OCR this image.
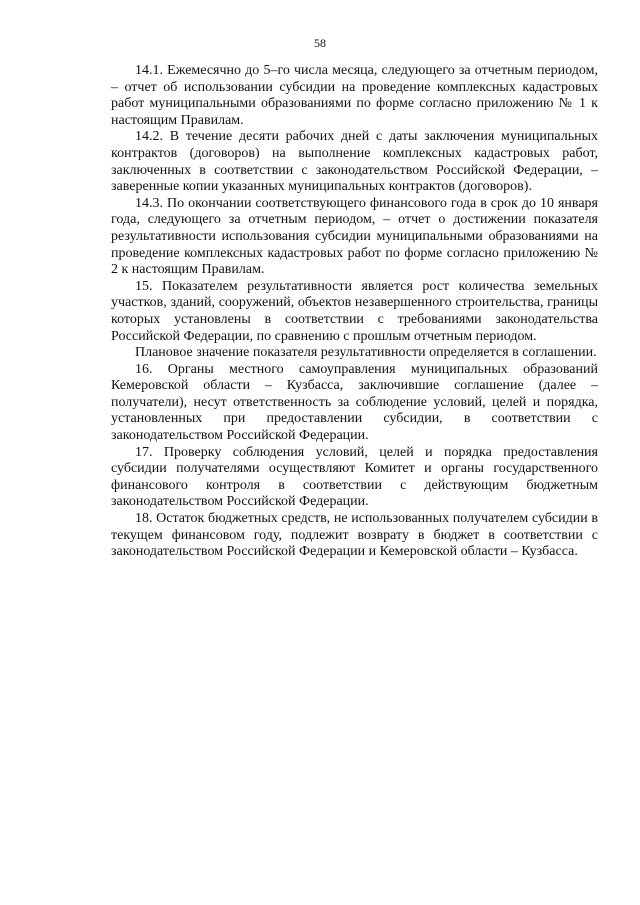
58

14.1. Ежемесячно до 5–го числа месяца, следующего за отчетным периодом, – отчет об использовании субсидии на проведение комплексных кадастровых работ муниципальными образованиями по форме согласно приложению № 1 к настоящим Правилам.

14.2. В течение десяти рабочих дней с даты заключения муниципальных контрактов (договоров) на выполнение комплексных кадастровых работ, заключенных в соответствии с законодательством Российской Федерации, – заверенные копии указанных муниципальных контрактов (договоров).

14.3. По окончании соответствующего финансового года в срок до 10 января года, следующего за отчетным периодом, – отчет о достижении показателя результативности использования субсидии муниципальными образованиями на проведение комплексных кадастровых работ по форме согласно приложению № 2 к настоящим Правилам.

15. Показателем результативности является рост количества земельных участков, зданий, сооружений, объектов незавершенного строительства, границы которых установлены в соответствии с требованиями законодательства Российской Федерации, по сравнению с прошлым отчетным периодом.

Плановое значение показателя результативности определяется в соглашении.

16. Органы местного самоуправления муниципальных образований Кемеровской области – Кузбасса, заключившие соглашение (далее – получатели), несут ответственность за соблюдение условий, целей и порядка, установленных при предоставлении субсидии, в соответствии с законодательством Российской Федерации.

17. Проверку соблюдения условий, целей и порядка предоставления субсидии получателями осуществляют Комитет и органы государственного финансового контроля в соответствии с действующим бюджетным законодательством Российской Федерации.

18. Остаток бюджетных средств, не использованных получателем субсидии в текущем финансовом году, подлежит возврату в бюджет в соответствии с законодательством Российской Федерации и Кемеровской области – Кузбасса.
